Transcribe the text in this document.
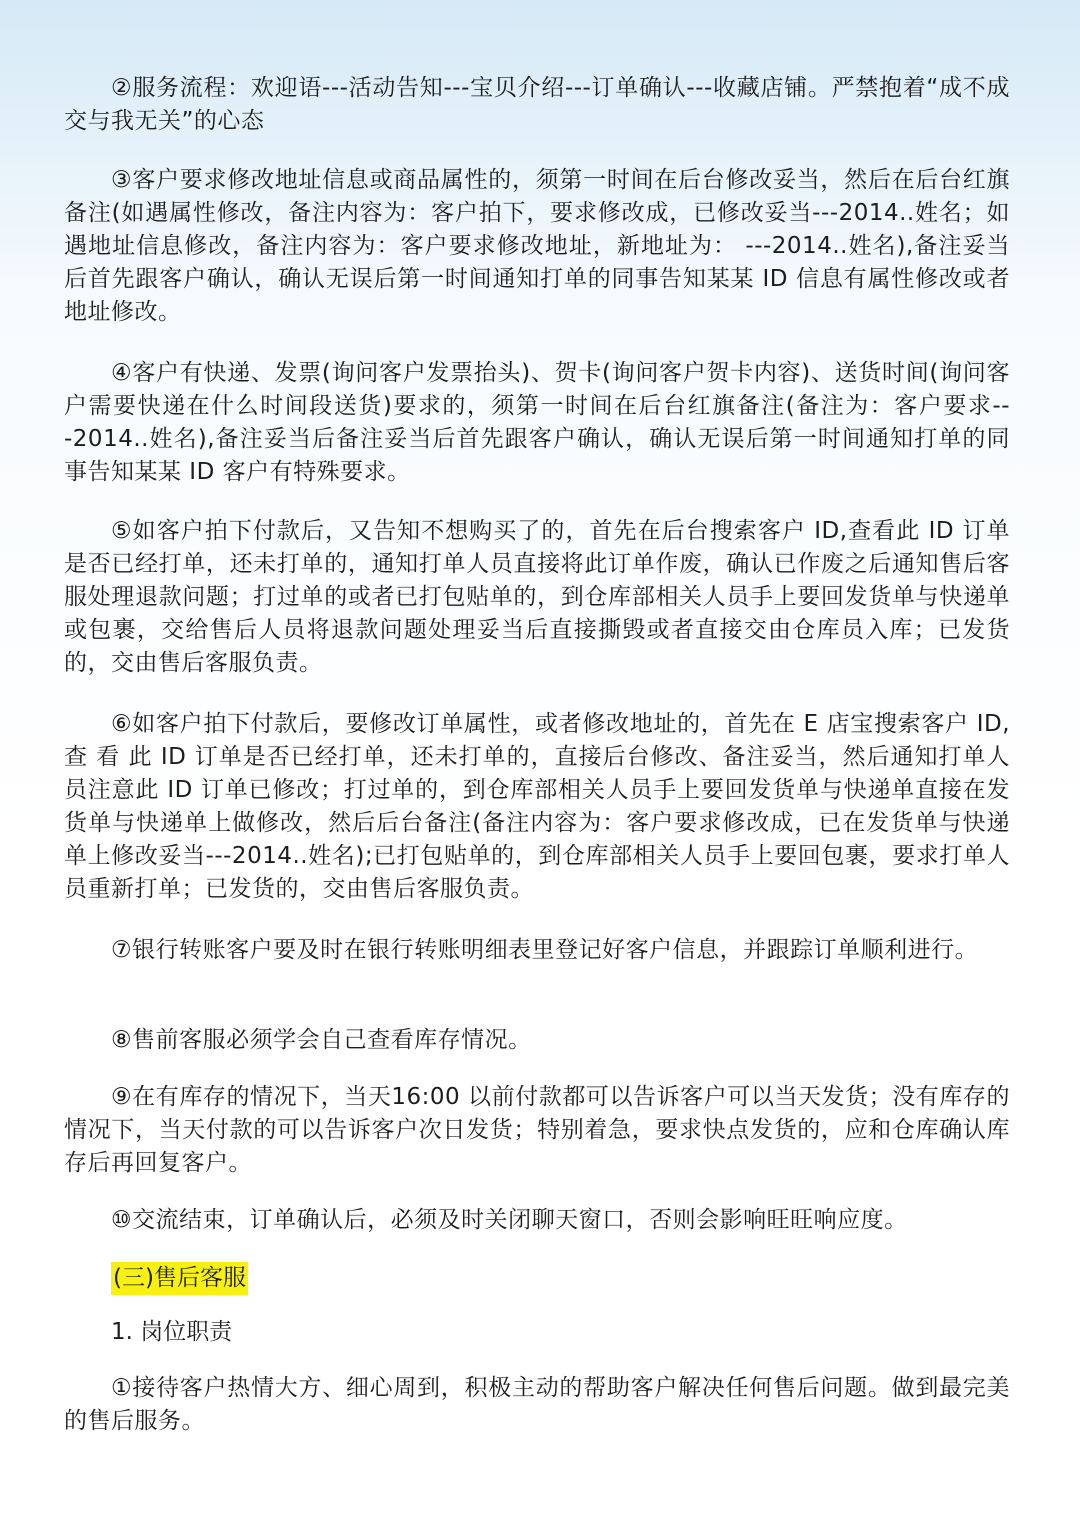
②服务流程：欢迎语---活动告知---宝贝介绍---订单确认---收藏店铺。严禁抱着“成不成交与我无关”的心态

③客户要求修改地址信息或商品属性的，须第一时间在后台修改妥当，然后在后台红旗备注(如遇属性修改，备注内容为：客户拍下，要求修改成，已修改妥当---2014..姓名；如遇地址信息修改，备注内容为：客户要求修改地址，新地址为： ---2014..姓名),备注妥当后首先跟客户确认，确认无误后第一时间通知打单的同事告知某某 ID 信息有属性修改或者地址修改。

④客户有快递、发票(询问客户发票抬头)、贺卡(询问客户贺卡内容)、送货时间(询问客户需要快递在什么时间段送货)要求的，须第一时间在后台红旗备注(备注为：客户要求---2014..姓名),备注妥当后备注妥当后首先跟客户确认，确认无误后第一时间通知打单的同事告知某某 ID 客户有特殊要求。

⑤如客户拍下付款后，又告知不想购买了的，首先在后台搜索客户 ID,查看此 ID 订单是否已经打单，还未打单的，通知打单人员直接将此订单作废，确认已作废之后通知售后客服处理退款问题；打过单的或者已打包贴单的，到仓库部相关人员手上要回发货单与快递单或包裹，交给售后人员将退款问题处理妥当后直接撕毁或者直接交由仓库员入库；已发货的，交由售后客服负责。

⑥如客户拍下付款后，要修改订单属性，或者修改地址的，首先在 E 店宝搜索客户 ID, 查 看 此 ID 订单是否已经打单，还未打单的，直接后台修改、备注妥当，然后通知打单人员注意此 ID 订单已修改；打过单的，到仓库部相关人员手上要回发货单与快递单直接在发货单与快递单上做修改，然后后台备注(备注内容为：客户要求修改成，已在发货单与快递单上修改妥当---2014..姓名);已打包贴单的，到仓库部相关人员手上要回包裹，要求打单人员重新打单；已发货的，交由售后客服负责。

⑦银行转账客户要及时在银行转账明细表里登记好客户信息，并跟踪订单顺利进行。

⑧售前客服必须学会自己查看库存情况。

⑨在有库存的情况下，当天16:00 以前付款都可以告诉客户可以当天发货；没有库存的情况下，当天付款的可以告诉客户次日发货；特别着急，要求快点发货的，应和仓库确认库存后再回复客户。

⑩交流结束，订单确认后，必须及时关闭聊天窗口，否则会影响旺旺响应度。

(三)售后客服
1. 岗位职责

①接待客户热情大方、细心周到，积极主动的帮助客户解决任何售后问题。做到最完美的售后服务。
